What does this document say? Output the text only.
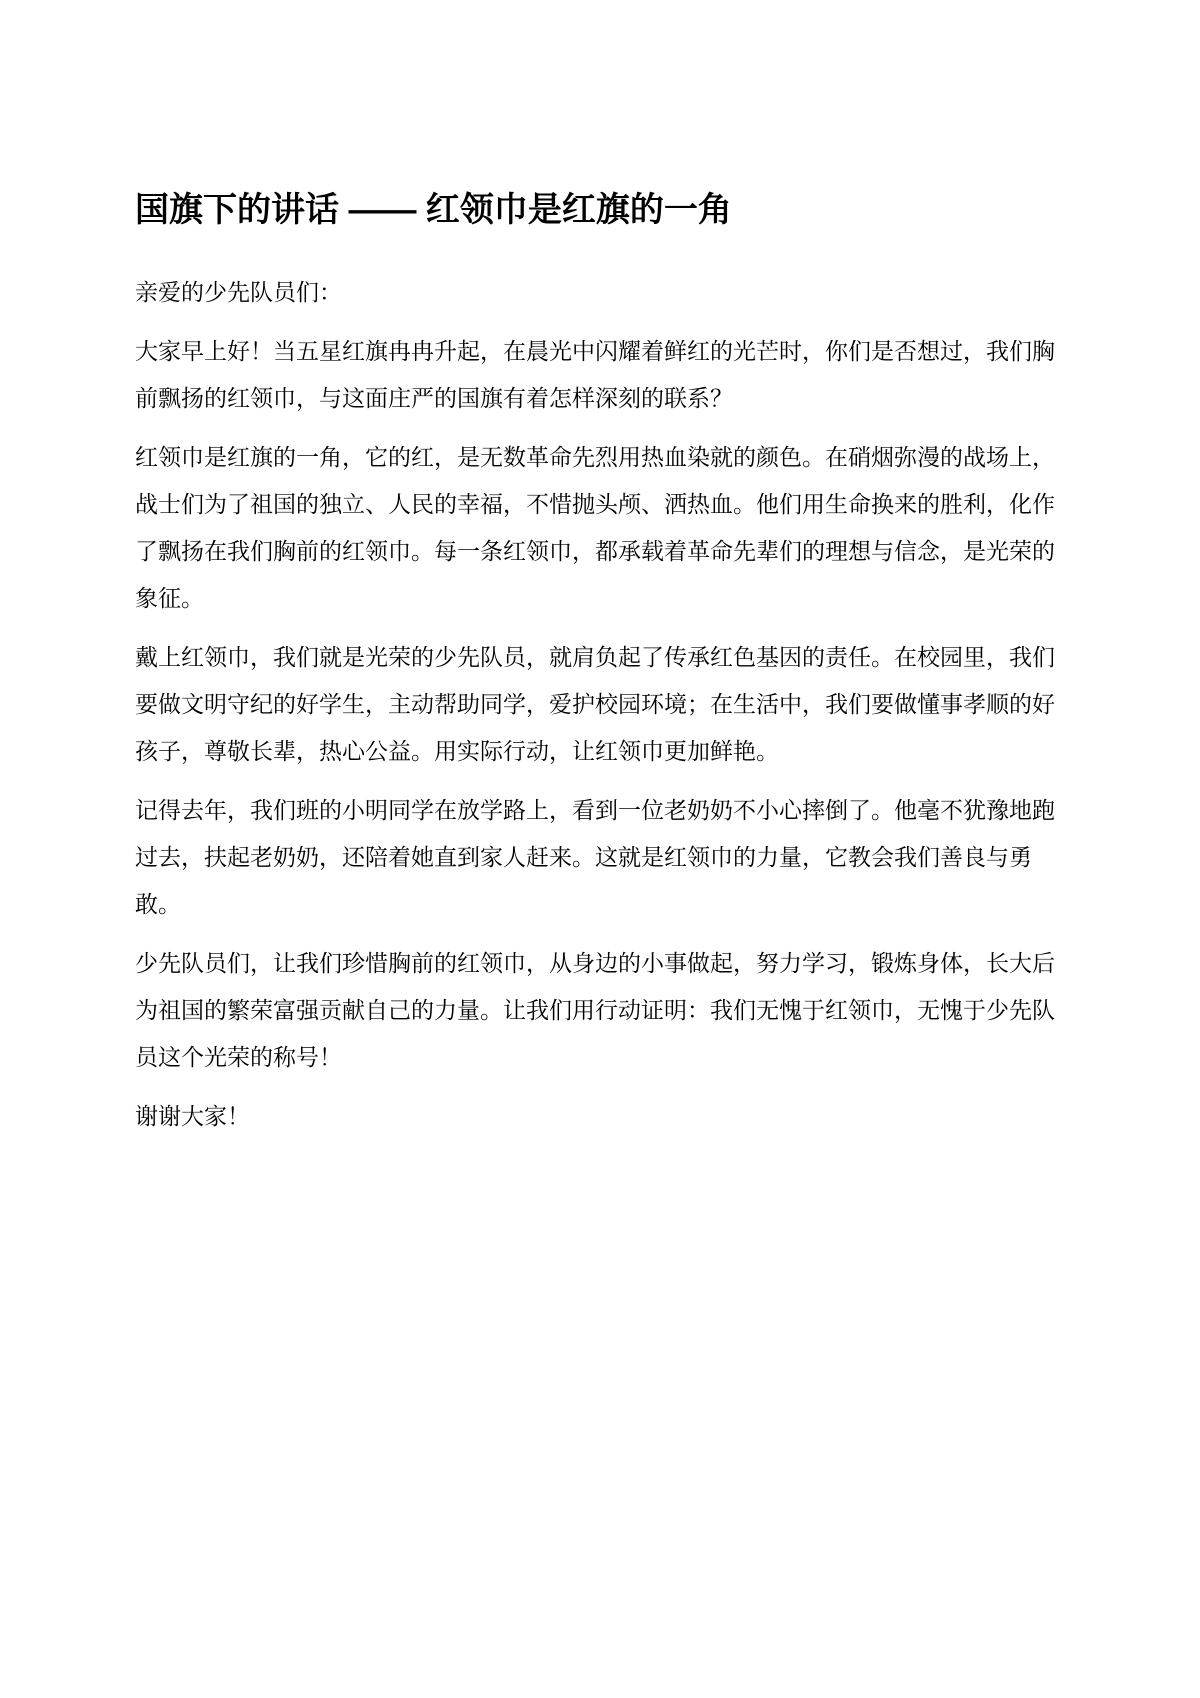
国旗下的讲话 —— 红领巾是红旗的一角

亲爱的少先队员们：

大家早上好！当五星红旗冉冉升起，在晨光中闪耀着鲜红的光芒时，你们是否想过，我们胸前飘扬的红领巾，与这面庄严的国旗有着怎样深刻的联系？

红领巾是红旗的一角，它的红，是无数革命先烈用热血染就的颜色。在硝烟弥漫的战场上，战士们为了祖国的独立、人民的幸福，不惜抛头颅、洒热血。他们用生命换来的胜利，化作了飘扬在我们胸前的红领巾。每一条红领巾，都承载着革命先辈们的理想与信念，是光荣的象征。

戴上红领巾，我们就是光荣的少先队员，就肩负起了传承红色基因的责任。在校园里，我们要做文明守纪的好学生，主动帮助同学，爱护校园环境；在生活中，我们要做懂事孝顺的好孩子，尊敬长辈，热心公益。用实际行动，让红领巾更加鲜艳。

记得去年，我们班的小明同学在放学路上，看到一位老奶奶不小心摔倒了。他毫不犹豫地跑过去，扶起老奶奶，还陪着她直到家人赶来。这就是红领巾的力量，它教会我们善良与勇敢。

少先队员们，让我们珍惜胸前的红领巾，从身边的小事做起，努力学习，锻炼身体，长大后为祖国的繁荣富强贡献自己的力量。让我们用行动证明：我们无愧于红领巾，无愧于少先队员这个光荣的称号！

谢谢大家！
